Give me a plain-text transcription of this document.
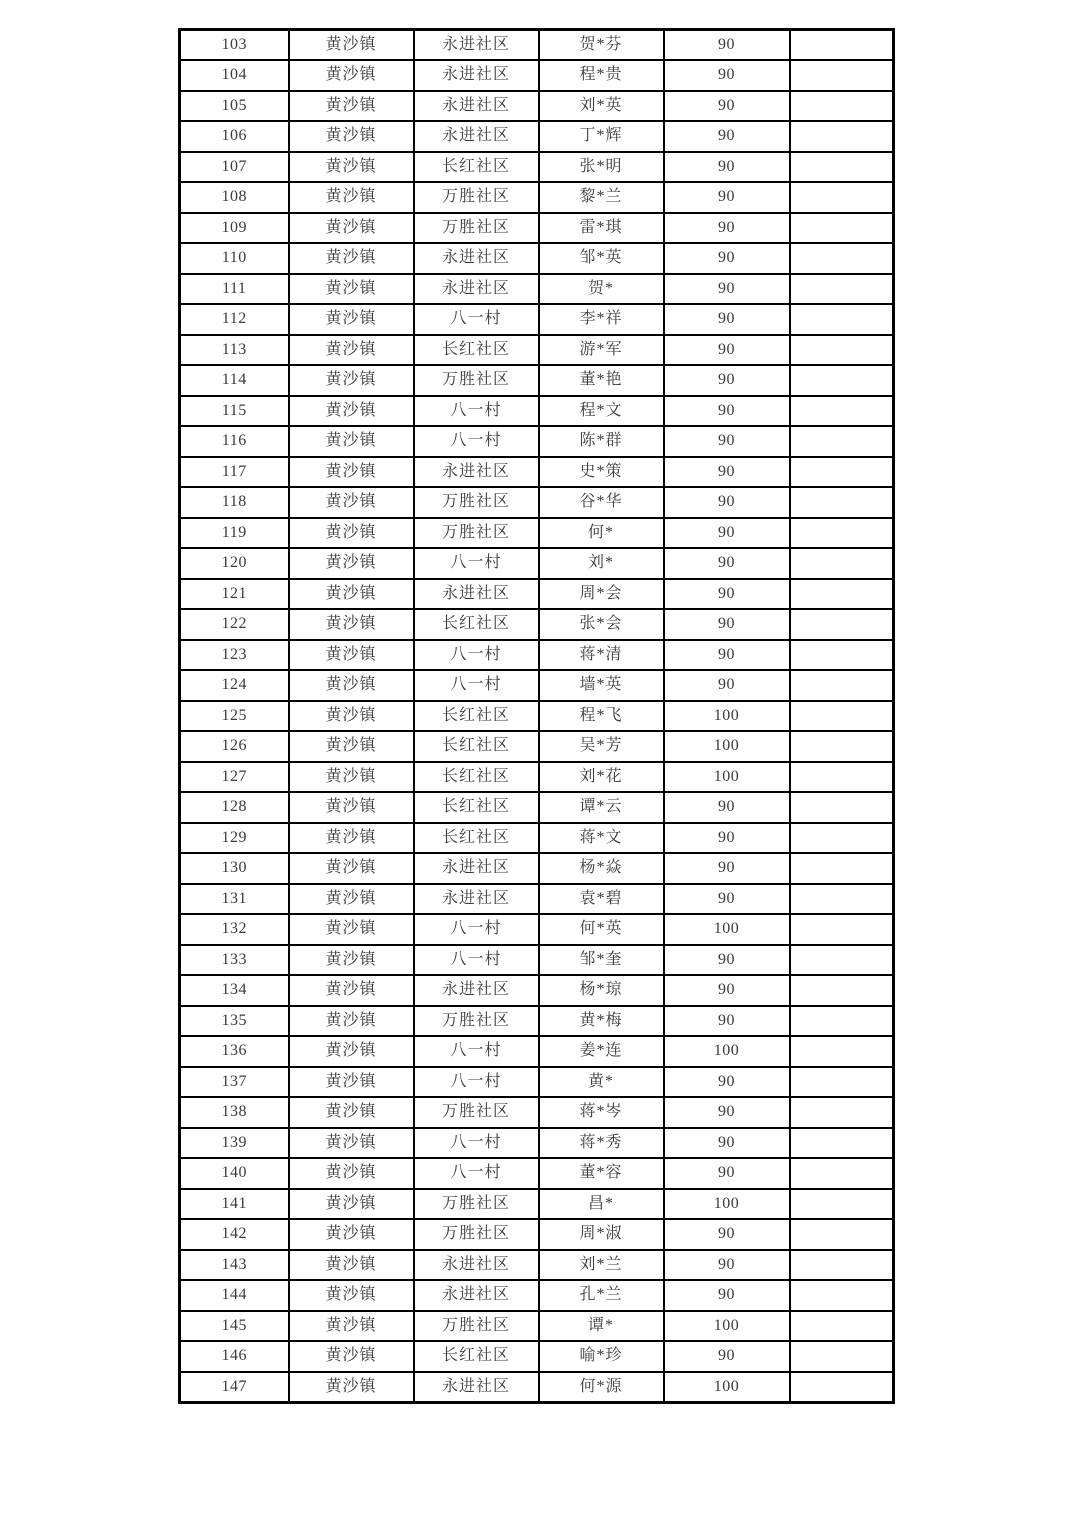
103	黄沙镇	永进社区	贺*芬	90	
104	黄沙镇	永进社区	程*贵	90	
105	黄沙镇	永进社区	刘*英	90	
106	黄沙镇	永进社区	丁*辉	90	
107	黄沙镇	长红社区	张*明	90	
108	黄沙镇	万胜社区	黎*兰	90	
109	黄沙镇	万胜社区	雷*琪	90	
110	黄沙镇	永进社区	邹*英	90	
111	黄沙镇	永进社区	贺*	90	
112	黄沙镇	八一村	李*祥	90	
113	黄沙镇	长红社区	游*军	90	
114	黄沙镇	万胜社区	董*艳	90	
115	黄沙镇	八一村	程*文	90	
116	黄沙镇	八一村	陈*群	90	
117	黄沙镇	永进社区	史*策	90	
118	黄沙镇	万胜社区	谷*华	90	
119	黄沙镇	万胜社区	何*	90	
120	黄沙镇	八一村	刘*	90	
121	黄沙镇	永进社区	周*会	90	
122	黄沙镇	长红社区	张*会	90	
123	黄沙镇	八一村	蒋*清	90	
124	黄沙镇	八一村	墙*英	90	
125	黄沙镇	长红社区	程*飞	100	
126	黄沙镇	长红社区	吴*芳	100	
127	黄沙镇	长红社区	刘*花	100	
128	黄沙镇	长红社区	谭*云	90	
129	黄沙镇	长红社区	蒋*文	90	
130	黄沙镇	永进社区	杨*焱	90	
131	黄沙镇	永进社区	袁*碧	90	
132	黄沙镇	八一村	何*英	100	
133	黄沙镇	八一村	邹*奎	90	
134	黄沙镇	永进社区	杨*琼	90	
135	黄沙镇	万胜社区	黄*梅	90	
136	黄沙镇	八一村	姜*连	100	
137	黄沙镇	八一村	黄*	90	
138	黄沙镇	万胜社区	蒋*岑	90	
139	黄沙镇	八一村	蒋*秀	90	
140	黄沙镇	八一村	董*容	90	
141	黄沙镇	万胜社区	昌*	100	
142	黄沙镇	万胜社区	周*淑	90	
143	黄沙镇	永进社区	刘*兰	90	
144	黄沙镇	永进社区	孔*兰	90	
145	黄沙镇	万胜社区	谭*	100	
146	黄沙镇	长红社区	喻*珍	90	
147	黄沙镇	永进社区	何*源	100	
